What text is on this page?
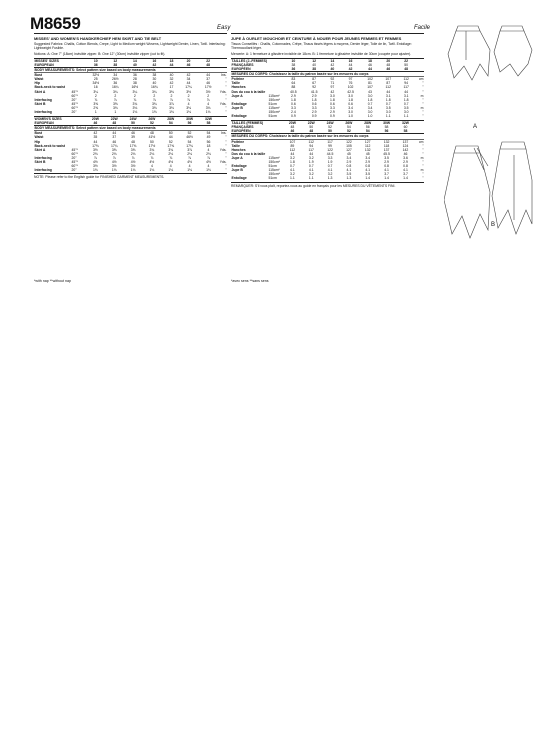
M8659	Easy
MISSES' AND WOMEN'S HANDKERCHIEF HEM SKIRT AND TIE BELT
Suggested Fabrics: Challis, Cotton Blends, Crepe, Light to Medium weight Wovens, Lightweight Denim, Linen, Twill. Interfacing: Lightweight Fusible.
Notions: A: One 7" (18cm) invisible zipper. B: One 12" (30cm) invisible zipper (cut to fit).
MISSES' SIZES		10	12	14	16	18	20	22	
EUROPEAN		36	38	40	42	44	46	48	
BODY MEASUREMENTS: Select pattern size based on body measurements									
Bust		32½	34	36	38	40	42	44	Ins.
Waist		25	26½	28	30	32	34	37	"
Hip		34½	36	38	40	42	44	46	"
Back-neck to waist		16	16¼	16½	16¾	17	17¼	17½	"
Skirt A	45"*	3¼	3¼	3¼	3¼	3⅜	3½	3½	Yds.
	60"*	2	2	2	2	2	2	2	"
Interfacing	20"	⅞	⅞	⅞	⅞	⅞	⅞	⅞	"
Skirt B	45"*	3⅝	3⅝	3¾	3¾	3⅞	4	4	Yds.
	60"*	2⅝	3⅛	3⅛	3⅛	3⅛	3⅛	3⅛	"
Interfacing	20"	1	1	1⅛	1⅛	1⅛	1⅛	1⅛	"
WOMEN'S SIZES		20W	22W	24W	26W	28W	30W	32W	
EUROPEAN		46	48	50	52	54	56	58	
BODY MEASUREMENTS: Select pattern size based on body measurements									
Bust		42	44	46	48	50	52	54	Ins.
Waist		35	37	39	41½	44	46½	49	"
Hip		44	46	48	50	52	54	56	"
Back-neck to waist		17⅛	17¼	17⅜	17½	17⅝	17¾	18	"
Skirt A	45"*	3½	3⅝	3⅝	3¾	3¾	3⅞	4	Yds.
	60"*	2⅛	2⅛	2⅛	2⅛	2⅛	2⅛	2⅛	"
Interfacing	20"	⅞	⅞	⅞	⅞	⅞	⅞	⅞	"
Skirt B	45"*	4½	4½	4½	4½	4½	4½	4½	Yds.
	60"*	3½	3½	3½	4	4	4	4	"
Interfacing	20"	1⅛	1⅛	1⅛	1⅛	1⅛	1⅛	1⅛	"
NOTE: Please refer to the English guide for FINISHED GARMENT MEASUREMENTS.
Facile
JUPE À OURLET MOUCHOIR ET CEINTURE À NOUER POUR JEUNES FEMMES ET FEMMES
Tissus Conseillés : Challis, Cotonnades, Crêpe, Tissus tissés légers à moyens, Denim léger, Toile de lin, Twill. Entoilage: Thermocollant léger.
Mercerie: A: 1 fermeture à glissière invisible de 18cm. B: 1 fermeture à glissière invisible de 30cm (coupée pour ajuster).
TAILLES (J.-FEMMES)		10	12	14	16	18	20	22	
FRANÇAISES		38	40	42	44	46	48	50	
EUROPÉEN		36	38	40	42	44	46	48	
MESURES DU CORPS: Choisissez la taille du patron basée sur les mesures du corps									
Poitrine		83	87	92	97	102	107	112	cm
Taille		64	67	71	76	81	87	94	"
Hanches		88	92	97	102	107	112	117	"
Dos du cou à la taille		40.5	41.5	42	42.5	43	44	44	"
Jupe A	115cm*	2.9	2.9	3.0	3.0	3.0	3.1	3.1	m
	150cm*	1.8	1.8	1.8	1.8	1.8	1.8	1.8	"
Entoilage	51cm	0.6	0.6	0.6	0.6	0.7	0.7	0.7	"
Jupe B	115cm*	3.3	3.3	3.3	3.4	3.4	3.5	3.5	m
	150cm*	2.4	2.9	2.9	3.0	3.0	3.0	3.0	"
Entoilage	51cm	0.9	0.9	0.9	1.0	1.0	1.1	1.1	"
TAILLES (FEMMES)		20W	22W	24W	26W	28W	30W	32W	
FRANÇAISES		48	50	52	54	56	58	60	
EUROPÉEN		46	48	50	52	54	56	58	
MESURES DU CORPS: Choisissez la taille du patron basée sur les mesures du corps									
Poitrine		107	112	117	122	127	132	137	cm
Taille		89	94	99	105	112	118	124	"
Hanches		112	117	122	127	132	137	142	"
Dos du cou à la taille		44	44	44.5	45	45	45.5	46	"
Jupe A	115cm*	3.2	3.2	3.3	3.4	3.4	3.5	3.6	m
	150cm*	1.8	1.9	1.9	2.9	2.9	2.9	2.9	"
Entoilage	51cm	0.7	0.7	0.7	0.8	0.8	0.8	0.8	"
Jupe B	115cm*	4.1	4.1	4.1	4.1	4.1	4.1	4.1	m
	150cm*	3.2	3.2	3.2	3.5	3.5	3.7	3.7	"
Entoilage	51cm	1.1	1.1	1.3	1.3	1.4	1.4	1.4	"
REMARQUER: S'il vous plaît, reportez-vous au guide en français pour les MESURES DU VÊTEMENTS FINI.
*with nap **without nap	*avec sens **sans sens
A
B
